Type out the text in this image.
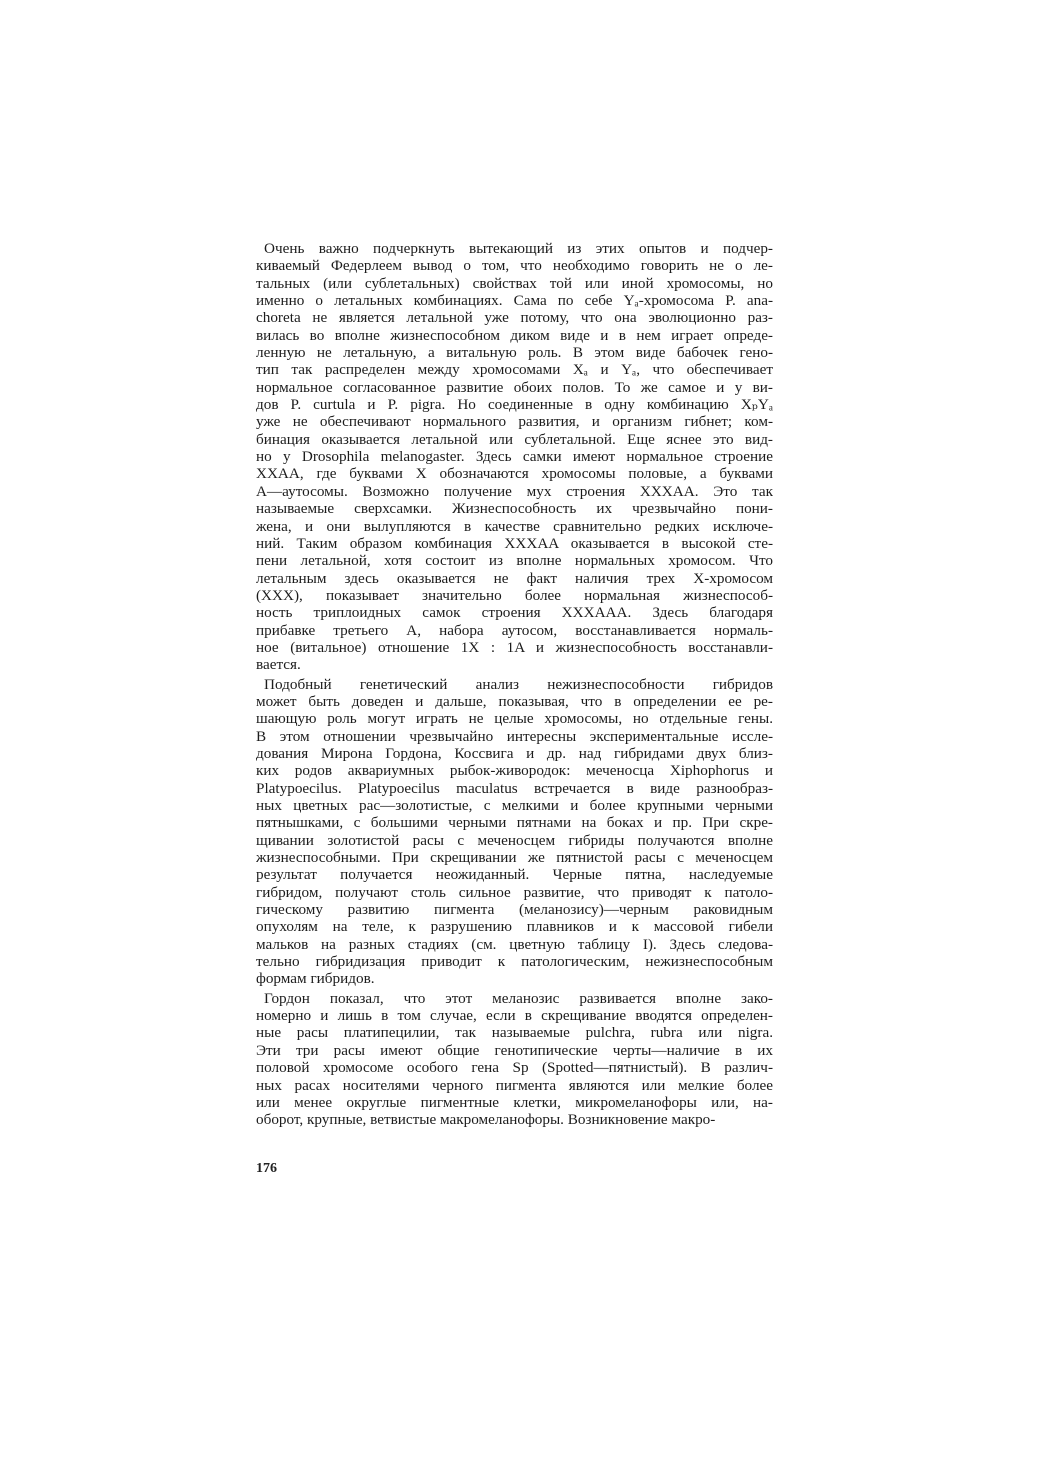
Очень важно подчеркнуть вытекающий из этих опытов и подчер-
киваемый Федерлеем вывод о том, что необходимо говорить не о ле-
тальных (или сублетальных) свойствах той или иной хромосомы, но
именно о летальных комбинациях. Сама по себе Yₐ-хромосома P. ana-
choreta не является летальной уже потому, что она эволюционно раз-
вилась во вполне жизнеспособном диком виде и в нем играет опреде-
ленную не летальную, а витальную роль. В этом виде бабочек гено-
тип так распределен между хромосомами Xₐ и Yₐ, что обеспечивает
нормальное согласованное развитие обоих полов. То же самое и у ви-
дов P. curtula и P. pigra. Но соединенные в одну комбинацию XₚYₐ
уже не обеспечивают нормального развития, и организм гибнет; ком-
бинация оказывается летальной или сублетальной. Еще яснее это вид-
но у Drosophila melanogaster. Здесь самки имеют нормальное строение
XXAA, где буквами X обозначаются хромосомы половые, а буквами
A—аутосомы. Возможно получение мух строения XXXAA. Это так
называемые сверхсамки. Жизнеспособность их чрезвычайно пони-
жена, и они вылупляются в качестве сравнительно редких исключе-
ний. Таким образом комбинация XXXAA оказывается в высокой сте-
пени летальной, хотя состоит из вполне нормальных хромосом. Что
летальным здесь оказывается не факт наличия трех X-хромосом
(XXX), показывает значительно более нормальная жизнеспособ-
ность триплоидных самок строения XXXAAA. Здесь благодаря
прибавке третьего A, набора аутосом, восстанавливается нормаль-
ное (витальное) отношение 1X : 1A и жизнеспособность восстанавли-
вается.

Подобный генетический анализ нежизнеспособности гибридов
может быть доведен и дальше, показывая, что в определении ее ре-
шающую роль могут играть не целые хромосомы, но отдельные гены.
В этом отношении чрезвычайно интересны экспериментальные иссле-
дования Мирона Гордона, Коссвига и др. над гибридами двух близ-
ких родов аквариумных рыбок-живородок: меченосца Xiphophorus и
Platypoecilus. Platypoecilus maculatus встречается в виде разнообраз-
ных цветных рас—золотистые, с мелкими и более крупными черными
пятнышками, с большими черными пятнами на боках и пр. При скре-
щивании золотистой расы с меченосцем гибриды получаются вполне
жизнеспособными. При скрещивании же пятнистой расы с меченосцем
результат получается неожиданный. Черные пятна, наследуемые
гибридом, получают столь сильное развитие, что приводят к патоло-
гическому развитию пигмента (меланозису)—черным раковидным
опухолям на теле, к разрушению плавников и к массовой гибели
мальков на разных стадиях (см. цветную таблицу I). Здесь следова-
тельно гибридизация приводит к патологическим, нежизнеспособным
формам гибридов.

Гордон показал, что этот меланозис развивается вполне зако-
номерно и лишь в том случае, если в скрещивание вводятся определен-
ные расы платипецилии, так называемые pulchra, rubra или nigra.
Эти три расы имеют общие генотипические черты—наличие в их
половой хромосоме особого гена Sp (Spotted—пятнистый). В различ-
ных расах носителями черного пигмента являются или мелкие более
или менее округлые пигментные клетки, микромеланофоры или, на-
оборот, крупные, ветвистые макромеланофоры. Возникновение макро-

176
